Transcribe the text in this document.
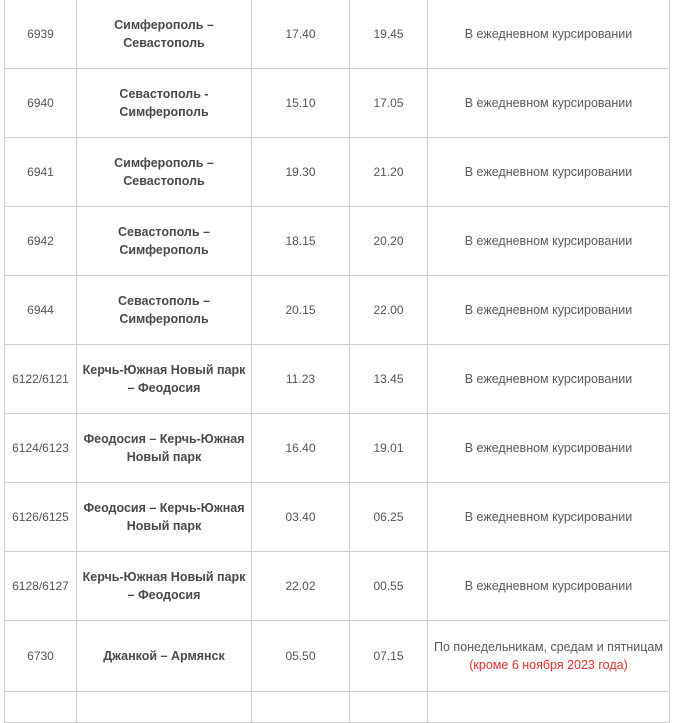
6939	Симферополь –
Севастополь	17.40	19.45	В ежедневном курсировании
6940	Севастополь -
Симферополь	15.10	17.05	В ежедневном курсировании
6941	Симферополь –
Севастополь	19.30	21.20	В ежедневном курсировании
6942	Севастополь –
Симферополь	18.15	20.20	В ежедневном курсировании
6944	Севастополь –
Симферополь	20.15	22.00	В ежедневном курсировании
6122/6121	Керчь-Южная Новый парк
– Феодосия	11.23	13.45	В ежедневном курсировании
6124/6123	Феодосия – Керчь-Южная
Новый парк	16.40	19.01	В ежедневном курсировании
6126/6125	Феодосия – Керчь-Южная
Новый парк	03.40	06.25	В ежедневном курсировании
6128/6127	Керчь-Южная Новый парк
– Феодосия	22.02	00.55	В ежедневном курсировании
6730	Джанкой – Армянск	05.50	07.15	По понедельникам, средам и пятницам
(кроме 6 ноября 2023 года)
